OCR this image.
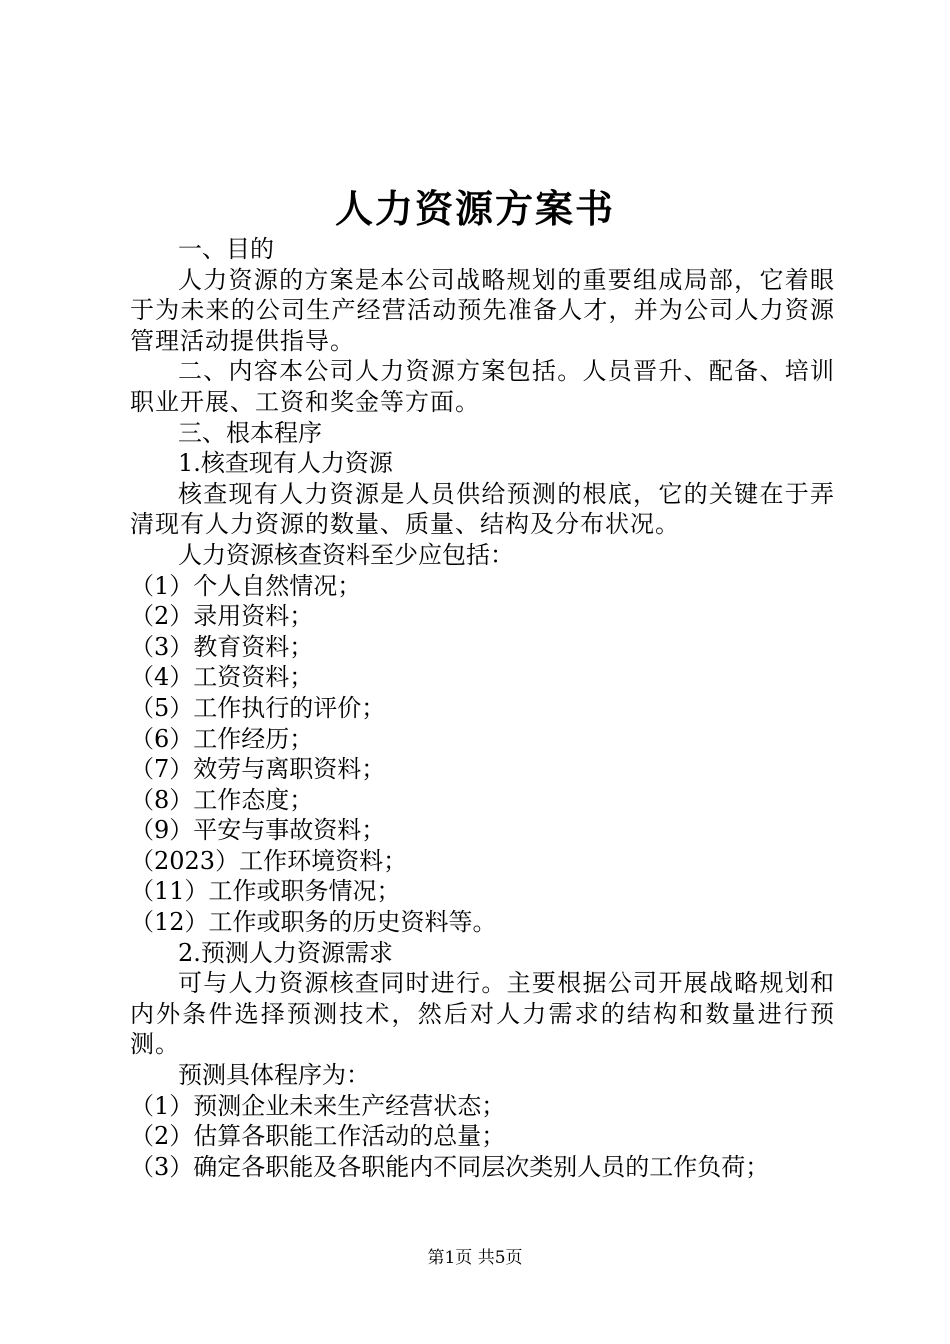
人力资源方案书

一、目的

人力资源的方案是本公司战略规划的重要组成局部，它着眼于为未来的公司生产经营活动预先准备人才，并为公司人力资源管理活动提供指导。

二、内容本公司人力资源方案包括。人员晋升、配备、培训职业开展、工资和奖金等方面。

三、根本程序

1.核查现有人力资源

核查现有人力资源是人员供给预测的根底，它的关键在于弄清现有人力资源的数量、质量、结构及分布状况。

人力资源核查资料至少应包括：

（1）个人自然情况；

（2）录用资料；

（3）教育资料；

（4）工资资料；

（5）工作执行的评价；

（6）工作经历；

（7）效劳与离职资料；

（8）工作态度；

（9）平安与事故资料；

（2023）工作环境资料；

（11）工作或职务情况；

（12）工作或职务的历史资料等。

2.预测人力资源需求

可与人力资源核查同时进行。主要根据公司开展战略规划和内外条件选择预测技术，然后对人力需求的结构和数量进行预测。

预测具体程序为：

（1）预测企业未来生产经营状态；

（2）估算各职能工作活动的总量；

（3）确定各职能及各职能内不同层次类别人员的工作负荷；

第1页 共5页
